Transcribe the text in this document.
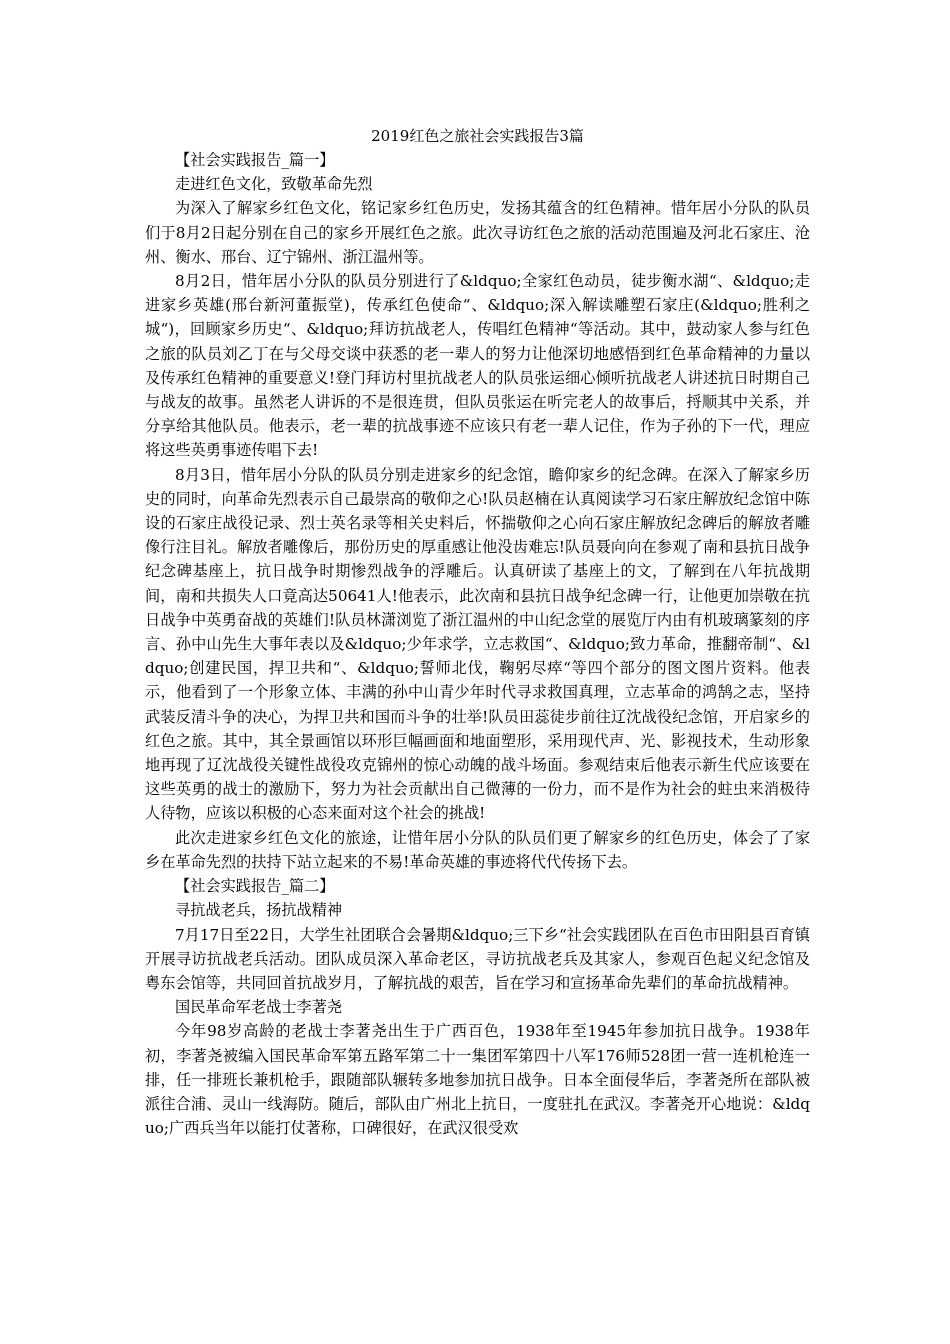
2019红色之旅社会实践报告3篇

【社会实践报告_篇一】

走进红色文化，致敬革命先烈

为深入了解家乡红色文化，铭记家乡红色历史，发扬其蕴含的红色精神。惜年居小分队的队员们于8月2日起分别在自己的家乡开展红色之旅。此次寻访红色之旅的活动范围遍及河北石家庄、沧州、衡水、邢台、辽宁锦州、浙江温州等。

8月2日，惜年居小分队的队员分别进行了&ldquo;全家红色动员，徒步衡水湖“、&ldquo;走进家乡英雄(邢台新河董振堂)，传承红色使命“、&ldquo;深入解读雕塑石家庄(&ldquo;胜利之城“)，回顾家乡历史“、&ldquo;拜访抗战老人，传唱红色精神“等活动。其中，鼓动家人参与红色之旅的队员刘乙丁在与父母交谈中获悉的老一辈人的努力让他深切地感悟到红色革命精神的力量以及传承红色精神的重要意义!登门拜访村里抗战老人的队员张运细心倾听抗战老人讲述抗日时期自己与战友的故事。虽然老人讲诉的不是很连贯，但队员张运在听完老人的故事后，捋顺其中关系，并分享给其他队员。他表示，老一辈的抗战事迹不应该只有老一辈人记住，作为子孙的下一代，理应将这些英勇事迹传唱下去!

8月3日，惜年居小分队的队员分别走进家乡的纪念馆，瞻仰家乡的纪念碑。在深入了解家乡历史的同时，向革命先烈表示自己最崇高的敬仰之心!队员赵楠在认真阅读学习石家庄解放纪念馆中陈设的石家庄战役记录、烈士英名录等相关史料后，怀揣敬仰之心向石家庄解放纪念碑后的解放者雕像行注目礼。解放者雕像后，那份历史的厚重感让他没齿难忘!队员聂向向在参观了南和县抗日战争纪念碑基座上，抗日战争时期惨烈战争的浮雕后。认真研读了基座上的文，了解到在八年抗战期间，南和共损失人口竟高达50641人!他表示，此次南和县抗日战争纪念碑一行，让他更加崇敬在抗日战争中英勇奋战的英雄们!队员林潇浏览了浙江温州的中山纪念堂的展览厅内由有机玻璃篆刻的序言、孙中山先生大事年表以及&ldquo;少年求学，立志救国“、&ldquo;致力革命，推翻帝制“、&ldquo;创建民国，捍卫共和“、&ldquo;誓师北伐，鞠躬尽瘁“等四个部分的图文图片资料。他表示，他看到了一个形象立体、丰满的孙中山青少年时代寻求救国真理，立志革命的鸿鹄之志，坚持武装反清斗争的决心，为捍卫共和国而斗争的壮举!队员田蕊徒步前往辽沈战役纪念馆，开启家乡的红色之旅。其中，其全景画馆以环形巨幅画面和地面塑形，采用现代声、光、影视技术，生动形象地再现了辽沈战役关键性战役攻克锦州的惊心动魄的战斗场面。参观结束后他表示新生代应该要在这些英勇的战士的激励下，努力为社会贡献出自己微薄的一份力，而不是作为社会的蛀虫来消极待人待物，应该以积极的心态来面对这个社会的挑战!

此次走进家乡红色文化的旅途，让惜年居小分队的队员们更了解家乡的红色历史，体会了了家乡在革命先烈的扶持下站立起来的不易!革命英雄的事迹将代代传扬下去。

【社会实践报告_篇二】

寻抗战老兵，扬抗战精神

7月17日至22日，大学生社团联合会暑期&ldquo;三下乡“社会实践团队在百色市田阳县百育镇开展寻访抗战老兵活动。团队成员深入革命老区，寻访抗战老兵及其家人，参观百色起义纪念馆及粤东会馆等，共同回首抗战岁月，了解抗战的艰苦，旨在学习和宣扬革命先辈们的革命抗战精神。

国民革命军老战士李著尧

今年98岁高龄的老战士李著尧出生于广西百色，1938年至1945年参加抗日战争。1938年初，李著尧被编入国民革命军第五路军第二十一集团军第四十八军176师528团一营一连机枪连一排，任一排班长兼机枪手，跟随部队辗转多地参加抗日战争。日本全面侵华后，李著尧所在部队被派往合浦、灵山一线海防。随后，部队由广州北上抗日，一度驻扎在武汉。李著尧开心地说：&ldquo;广西兵当年以能打仗著称，口碑很好，在武汉很受欢
